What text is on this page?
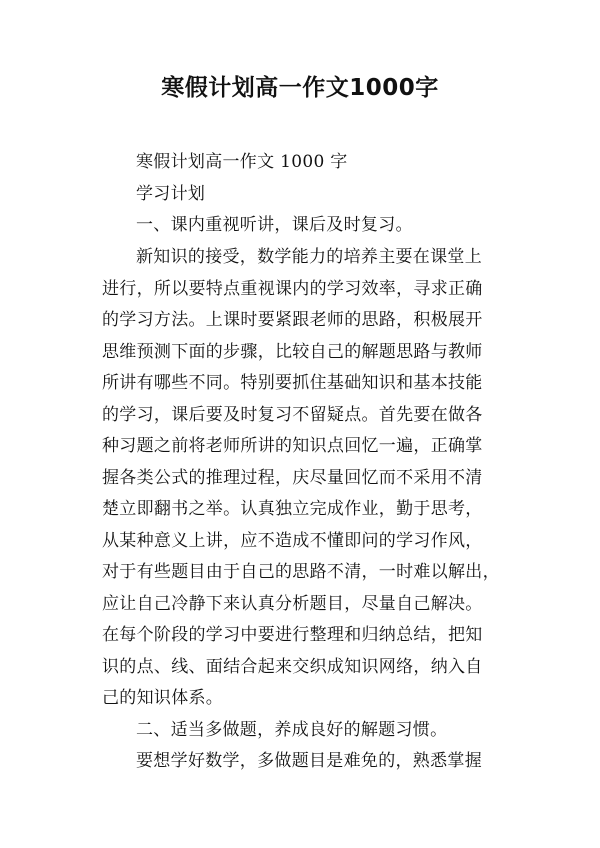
寒假计划高一作文1000字
寒假计划高一作文 1000 字
学习计划
一、课内重视听讲，课后及时复习。
新知识的接受，数学能力的培养主要在课堂上
进行，所以要特点重视课内的学习效率，寻求正确
的学习方法。上课时要紧跟老师的思路，积极展开
思维预测下面的步骤，比较自己的解题思路与教师
所讲有哪些不同。特别要抓住基础知识和基本技能
的学习，课后要及时复习不留疑点。首先要在做各
种习题之前将老师所讲的知识点回忆一遍，正确掌
握各类公式的推理过程，庆尽量回忆而不采用不清
楚立即翻书之举。认真独立完成作业，勤于思考，
从某种意义上讲，应不造成不懂即问的学习作风，
对于有些题目由于自己的思路不清，一时难以解出，
应让自己冷静下来认真分析题目，尽量自己解决。
在每个阶段的学习中要进行整理和归纳总结，把知
识的点、线、面结合起来交织成知识网络，纳入自
己的知识体系。
二、适当多做题，养成良好的解题习惯。
要想学好数学，多做题目是难免的，熟悉掌握
